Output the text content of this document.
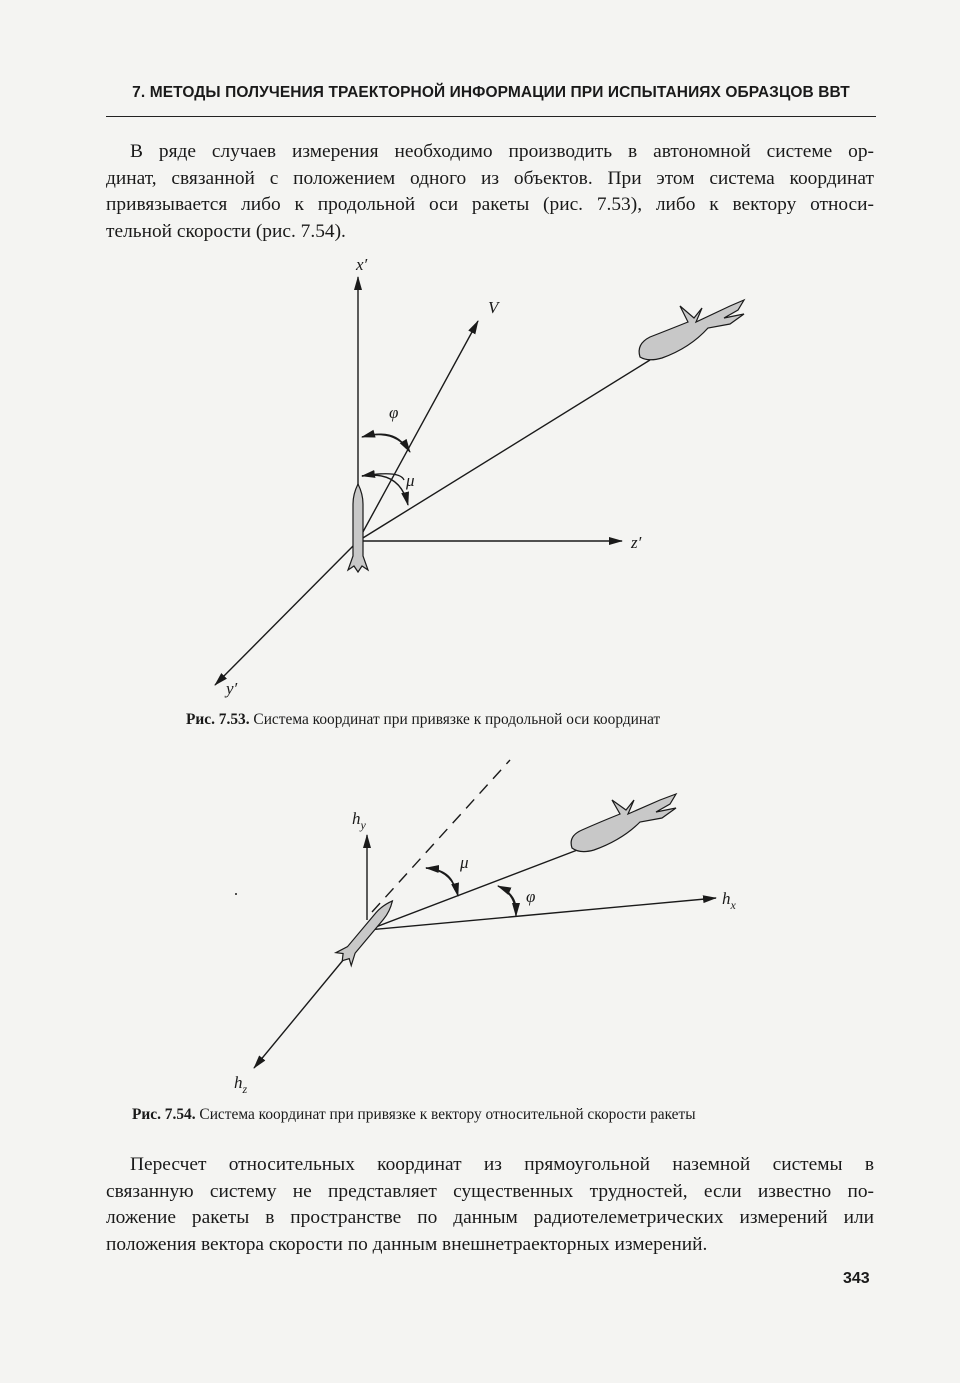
7. МЕТОДЫ ПОЛУЧЕНИЯ ТРАЕКТОРНОЙ ИНФОРМАЦИИ ПРИ ИСПЫТАНИЯХ ОБРАЗЦОВ ВВТ
В ряде случаев измерения необходимо производить в автономной системе ор-
динат, связанной с положением одного из объектов. При этом система координат
привязывается либо к продольной оси ракеты (рис. 7.53), либо к вектору относи-
тельной скорости (рис. 7.54).
x′
V
φ
μ
z′
y′
Рис. 7.53. Система координат при привязке к продольной оси координат
$h_y$
μ
φ	$h_x$
$h_z$
Рис. 7.54. Система координат при привязке к вектору относительной скорости ракеты
Пересчет относительных координат из прямоугольной наземной системы в
связанную систему не представляет существенных трудностей, если известно по-
ложение ракеты в пространстве по данным радиотелеметрических измерений или
положения вектора скорости по данным внешнетраекторных измерений.
343
